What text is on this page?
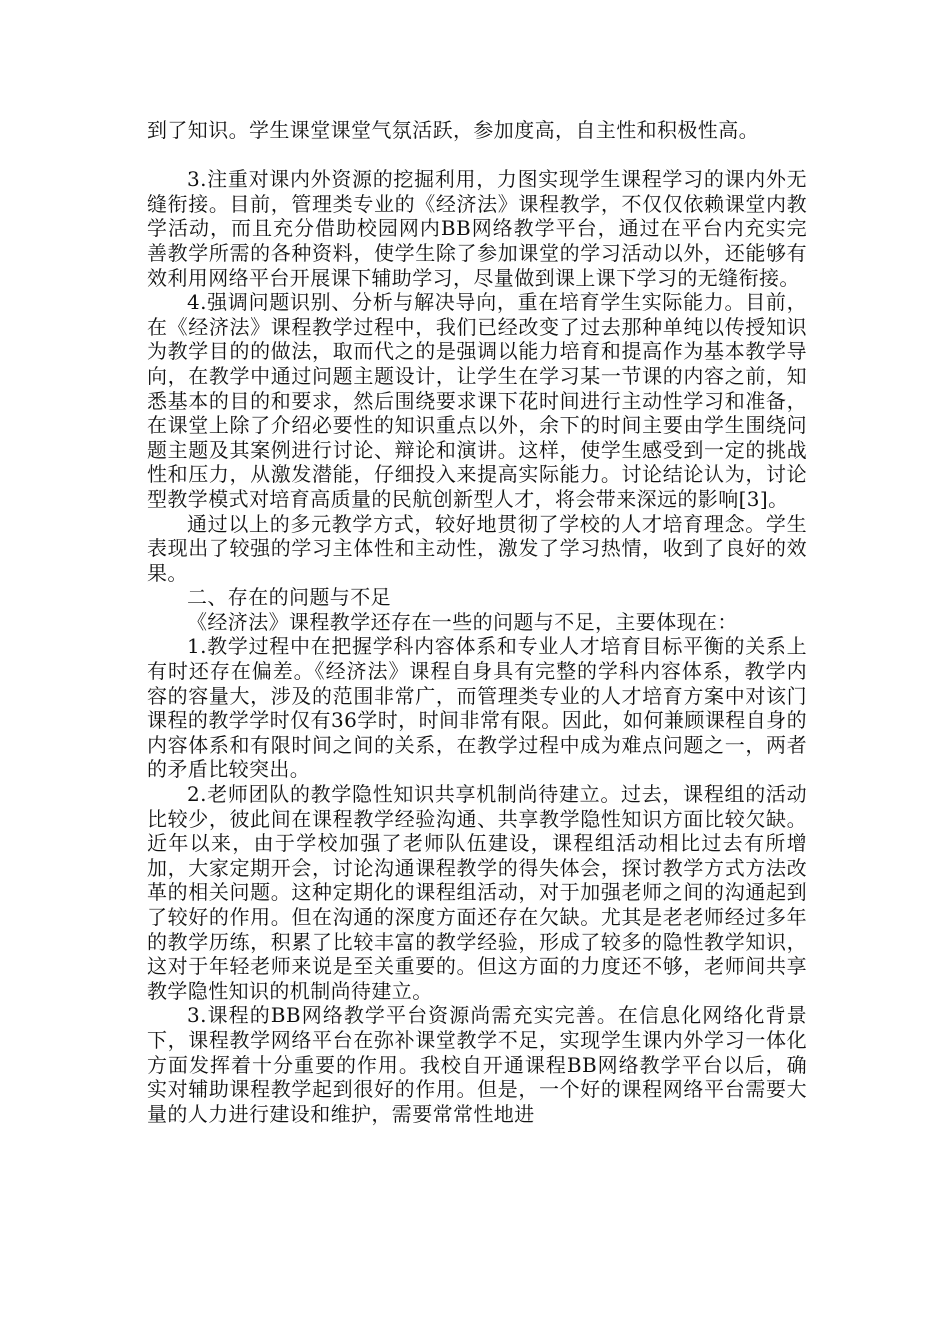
到了知识。学生课堂课堂气氛活跃，参加度高，自主性和积极性高。

3.注重对课内外资源的挖掘利用，力图实现学生课程学习的课内外无缝衔接。目前，管理类专业的《经济法》课程教学，不仅仅依赖课堂内教学活动，而且充分借助校园网内BB网络教学平台，通过在平台内充实完善教学所需的各种资料，使学生除了参加课堂的学习活动以外，还能够有效利用网络平台开展课下辅助学习，尽量做到课上课下学习的无缝衔接。

4.强调问题识别、分析与解决导向，重在培育学生实际能力。目前，在《经济法》课程教学过程中，我们已经改变了过去那种单纯以传授知识为教学目的的做法，取而代之的是强调以能力培育和提高作为基本教学导向，在教学中通过问题主题设计，让学生在学习某一节课的内容之前，知悉基本的目的和要求，然后围绕要求课下花时间进行主动性学习和准备，在课堂上除了介绍必要性的知识重点以外，余下的时间主要由学生围绕问题主题及其案例进行讨论、辩论和演讲。这样，使学生感受到一定的挑战性和压力，从激发潜能，仔细投入来提高实际能力。讨论结论认为，讨论型教学模式对培育高质量的民航创新型人才，将会带来深远的影响[3]。

通过以上的多元教学方式，较好地贯彻了学校的人才培育理念。学生表现出了较强的学习主体性和主动性，激发了学习热情，收到了良好的效果。

二、存在的问题与不足

《经济法》课程教学还存在一些的问题与不足，主要体现在：

1.教学过程中在把握学科内容体系和专业人才培育目标平衡的关系上有时还存在偏差。《经济法》课程自身具有完整的学科内容体系，教学内容的容量大，涉及的范围非常广，而管理类专业的人才培育方案中对该门课程的教学学时仅有36学时，时间非常有限。因此，如何兼顾课程自身的内容体系和有限时间之间的关系，在教学过程中成为难点问题之一，两者的矛盾比较突出。

2.老师团队的教学隐性知识共享机制尚待建立。过去，课程组的活动比较少，彼此间在课程教学经验沟通、共享教学隐性知识方面比较欠缺。近年以来，由于学校加强了老师队伍建设，课程组活动相比过去有所增加，大家定期开会，讨论沟通课程教学的得失体会，探讨教学方式方法改革的相关问题。这种定期化的课程组活动，对于加强老师之间的沟通起到了较好的作用。但在沟通的深度方面还存在欠缺。尤其是老老师经过多年的教学历练，积累了比较丰富的教学经验，形成了较多的隐性教学知识，这对于年轻老师来说是至关重要的。但这方面的力度还不够，老师间共享教学隐性知识的机制尚待建立。

3.课程的BB网络教学平台资源尚需充实完善。在信息化网络化背景下，课程教学网络平台在弥补课堂教学不足，实现学生课内外学习一体化方面发挥着十分重要的作用。我校自开通课程BB网络教学平台以后，确实对辅助课程教学起到很好的作用。但是，一个好的课程网络平台需要大量的人力进行建设和维护，需要常常性地进
